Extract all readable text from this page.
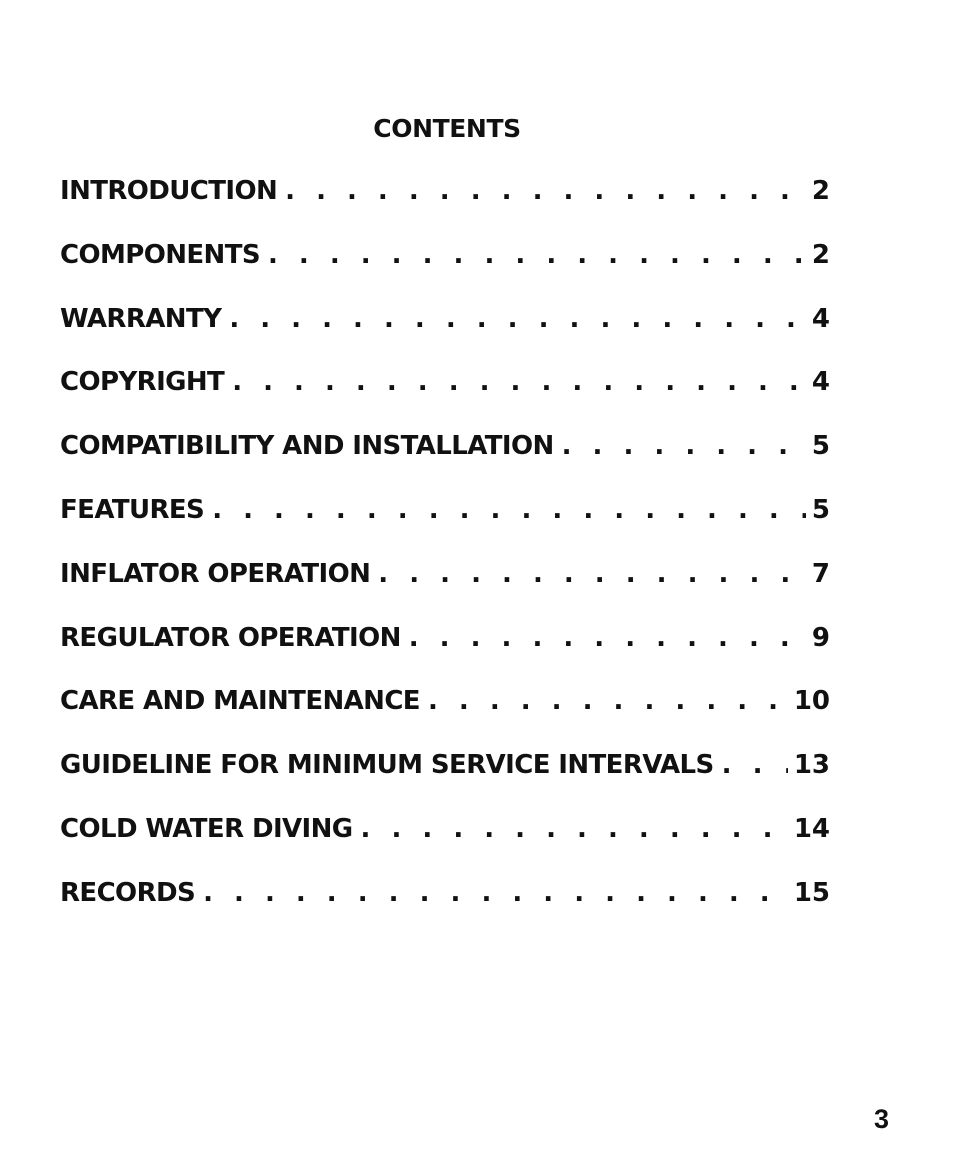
CONTENTS
INTRODUCTION . . .	2
COMPONENTS . . .	2
WARRANTY . . .	4
COPYRIGHT . . .	4
COMPATIBILITY AND INSTALLATION . . .	5
FEATURES . . .	5
INFLATOR OPERATION . . .	7
REGULATOR OPERATION . . .	9
CARE AND MAINTENANCE . . .	10
GUIDELINE FOR MINIMUM SERVICE INTERVALS . . .	13
COLD WATER DIVING . . .	14
RECORDS . . .	15
3
